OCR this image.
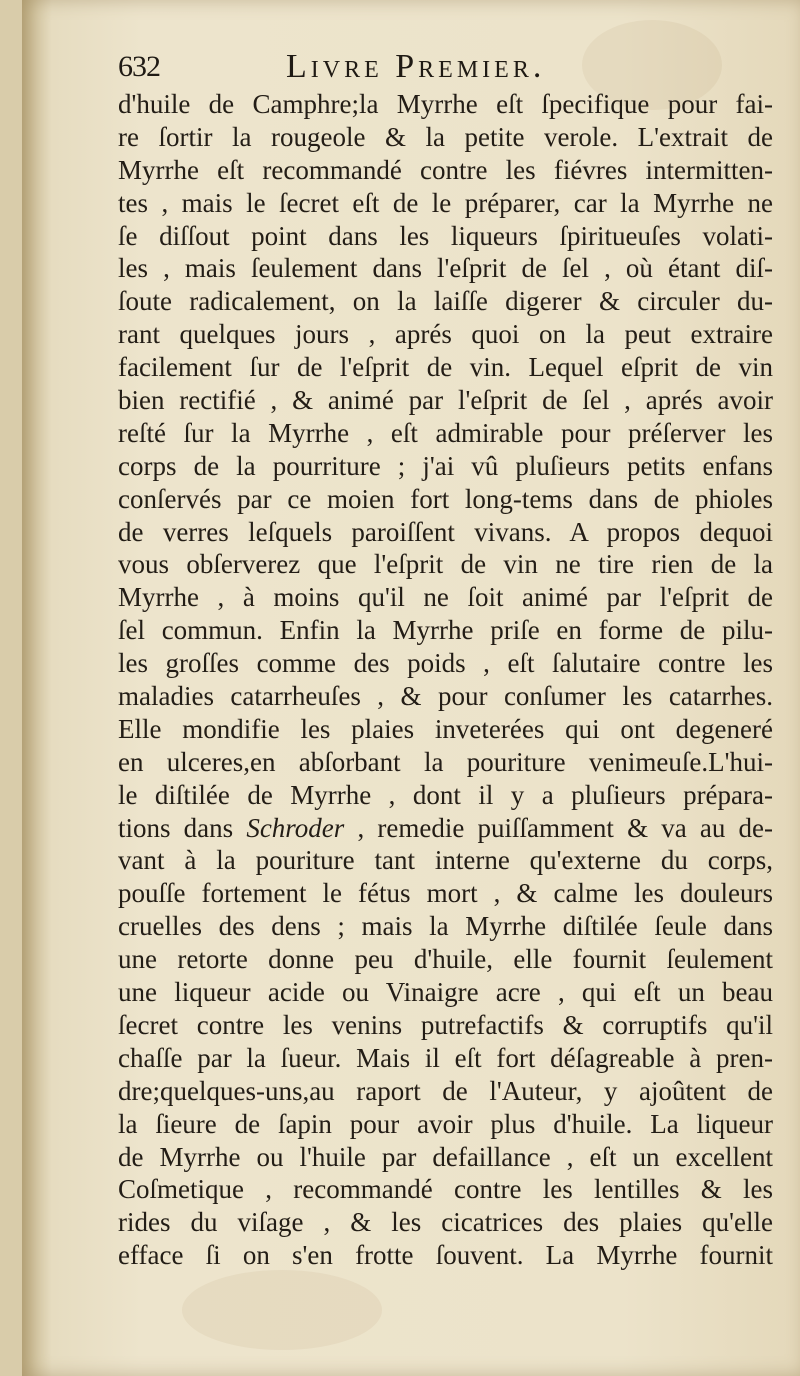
632	Livre Premier.
d'huile de Camphre;la Myrrhe eſt ſpecifique pour fai-
re ſortir la rougeole & la petite verole. L'extrait de
Myrrhe eſt recommandé contre les fiévres intermitten-
tes , mais le ſecret eſt de le préparer, car la Myrrhe ne
ſe diſſout point dans les liqueurs ſpiritueuſes volati-
les , mais ſeulement dans l'eſprit de ſel , où étant diſ-
ſoute radicalement, on la laiſſe digerer & circuler du-
rant quelques jours , aprés quoi on la peut extraire
facilement ſur de l'eſprit de vin. Lequel eſprit de vin
bien rectifié , & animé par l'eſprit de ſel , aprés avoir
reſté ſur la Myrrhe , eſt admirable pour préſerver les
corps de la pourriture ; j'ai vû pluſieurs petits enfans
conſervés par ce moien fort long-tems dans de phioles
de verres leſquels paroiſſent vivans. A propos dequoi
vous obſerverez que l'eſprit de vin ne tire rien de la
Myrrhe , à moins qu'il ne ſoit animé par l'eſprit de
ſel commun. Enfin la Myrrhe priſe en forme de pilu-
les groſſes comme des poids , eſt ſalutaire contre les
maladies catarrheuſes , & pour conſumer les catarrhes.
Elle mondifie les plaies inveterées qui ont degeneré
en ulceres,en abſorbant la pouriture venimeuſe.L'hui-
le diſtilée de Myrrhe , dont il y a pluſieurs prépara-
tions dans Schroder , remedie puiſſamment & va au de-
vant à la pouriture tant interne qu'externe du corps,
pouſſe fortement le fétus mort , & calme les douleurs
cruelles des dens ; mais la Myrrhe diſtilée ſeule dans
une retorte donne peu d'huile, elle fournit ſeulement
une liqueur acide ou Vinaigre acre , qui eſt un beau
ſecret contre les venins putrefactifs & corruptifs qu'il
chaſſe par la ſueur. Mais il eſt fort déſagreable à pren-
dre;quelques-uns,au raport de l'Auteur, y ajoûtent de
la ſieure de ſapin pour avoir plus d'huile. La liqueur
de Myrrhe ou l'huile par defaillance , eſt un excellent
Coſmetique , recommandé contre les lentilles & les
rides du viſage , & les cicatrices des plaies qu'elle
efface ſi on s'en frotte ſouvent. La Myrrhe fournit
